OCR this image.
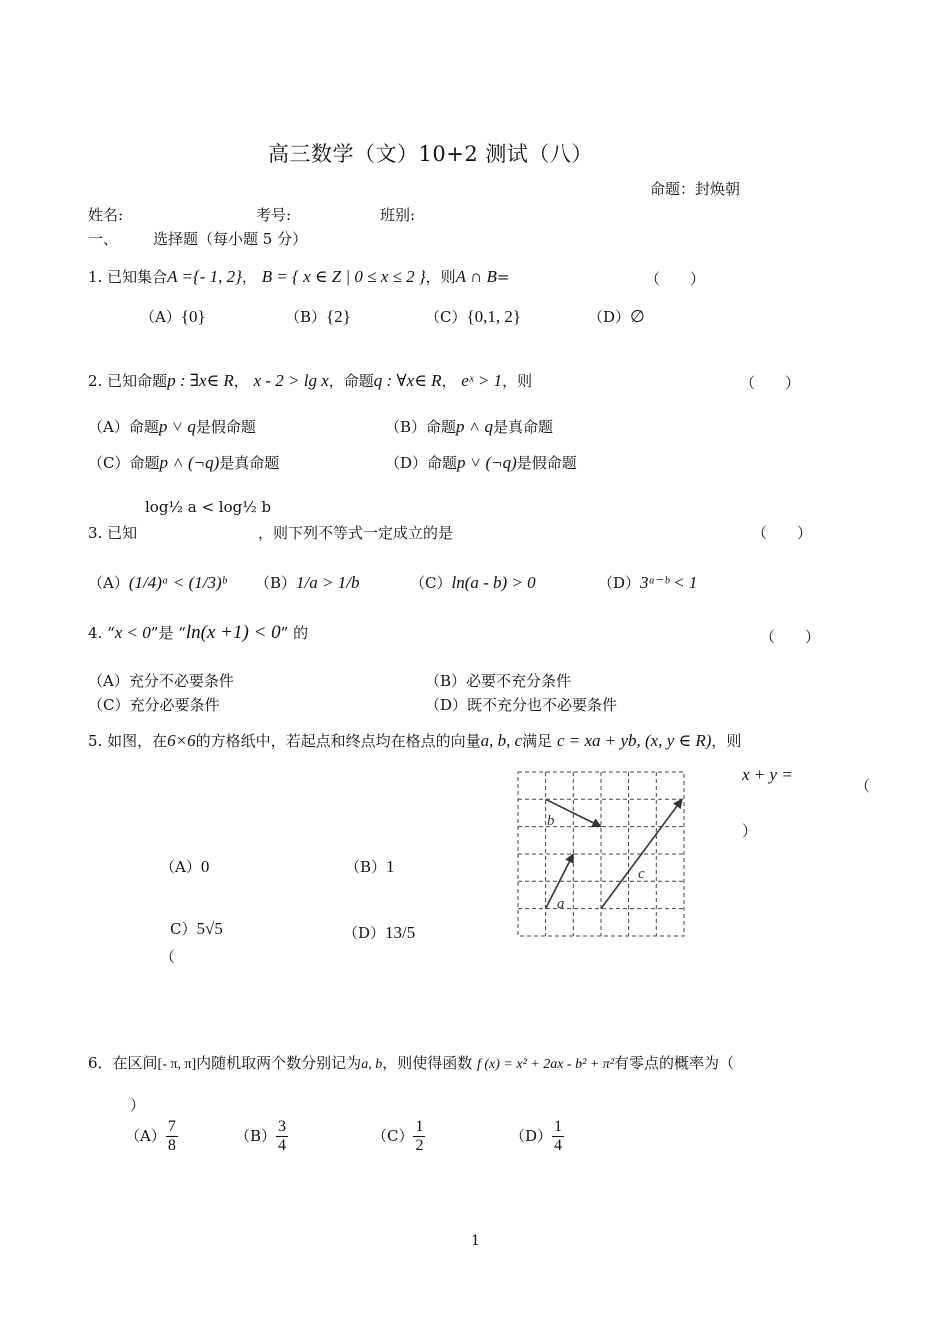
高三数学（文）10+2 测试（八）
命题：封焕朝
姓名:	考号:	班别:
一、 选择题（每小题 5 分）
1. 已知集合A ={- 1, 2}， B = { x ∈ Z | 0 ≤ x ≤ 2 }，则A ∩ B=	（　　）
（A）{0}	（B）{2}	（C）{0,1, 2}	（D）∅
2. 已知命题p : ∃x∈ R， x - 2 > lg x，命题q : ∀x∈ R， eˣ > 1，则	（　　）
（A）命题p ˅ q是假命题	（B）命题p ˄ q是真命题
（C）命题p ˄ (¬q)是真命题	（D）命题p ˅ (¬q)是假命题
log½ a < log½ b
3. 已知	，则下列不等式一定成立的是	（　　）
（A）(1/4)ᵃ < (1/3)ᵇ （B）1/a > 1/b	（C）ln(a - b) > 0	（D）3ᵃ⁻ᵇ < 1
4. “x < 0”是 “ln(x +1) < 0” 的	（　　）
（A）充分不必要条件	（B）必要不充分条件
（C）充分必要条件	（D）既不充分也不必要条件
5. 如图，在6×6的方格纸中，若起点和终点均在格点的向量a, b, c满足 c = xa + yb, (x, y ∈ R)，则
x + y =
（
）
a
b
c
（A）0	（B）1
C）5√5
（
（D）13/5
6．在区间[- π, π]内随机取两个数分别记为a, b，则使得函数 f (x) = x² + 2ax - b² + π²有零点的概率为（
）
$(A) \frac{7}{8}$	$(B) \frac{3}{4}$	$(C) \frac{1}{2}$	$(D) \frac{1}{4}$
1
